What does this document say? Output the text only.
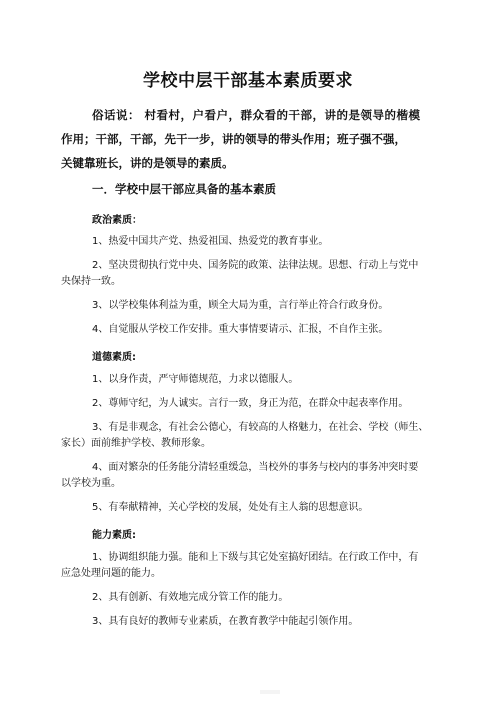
学校中层干部基本素质要求
俗话说： 村看村，户看户，群众看的干部，讲的是领导的楷模
作用；干部，干部，先干一步，讲的领导的带头作用；班子强不强，
关键靠班长，讲的是领导的素质。
一．学校中层干部应具备的基本素质
政治素质：
1、热爱中国共产党、热爱祖国、热爱党的教育事业。
2、坚决贯彻执行党中央、国务院的政策、法律法规。思想、行动上与党中
央保持一致。
3、以学校集体利益为重，顾全大局为重，言行举止符合行政身份。
4、自觉服从学校工作安排。重大事情要请示、汇报，不自作主张。
道德素质:
1、以身作责，严守师德规范，力求以德服人。
2、尊师守纪，为人诚实。言行一致，身正为范，在群众中起表率作用。
3、有是非观念，有社会公德心，有较高的人格魅力，在社会、学校（师生、
家长）面前维护学校、教师形象。
4、面对繁杂的任务能分清轻重缓急，当校外的事务与校内的事务冲突时要
以学校为重。
5、有奉献精神，关心学校的发展，处处有主人翁的思想意识。
能力素质:
1、协调组织能力强。能和上下级与其它处室搞好团结。在行政工作中，有
应急处理问题的能力。
2、具有创新、有效地完成分管工作的能力。
3、具有良好的教师专业素质，在教育教学中能起引领作用。
